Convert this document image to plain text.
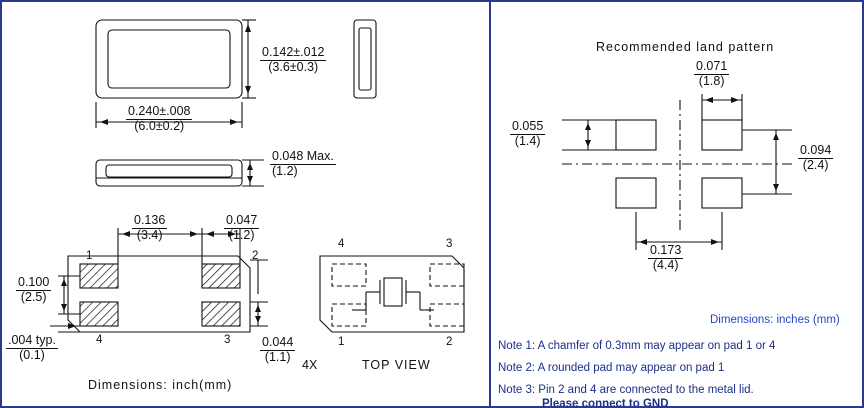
$\frac{0.142\pm.012}{(3.6\pm 0.3)}$
$\frac{0.240\pm.008}{(6.0\pm 0.2)}$
0.048 Max.
(1.2)
$\frac{0.136}{(3.4)}$	$\frac{0.047}{(1.2)}$
$\frac{0.100}{(2.5)}$
.004 typ.
(0.1)	$\frac{0.044}{(1.1)}$
4X
1	2
4	3
4	3
1	2
TOP VIEW
Dimensions: inch(mm)
Recommended land pattern
$\frac{0.071}{(1.8)}$
$\frac{0.055}{(1.4)}$
$\frac{0.094}{(2.4)}$
$\frac{0.173}{(4.4)}$
Dimensions: inches (mm)
Note 1: A chamfer of 0.3mm may appear on pad 1 or 4
Note 2: A rounded pad may appear on pad 1
Note 3: Pin 2 and 4 are connected to the metal lid.
Please connect to GND
